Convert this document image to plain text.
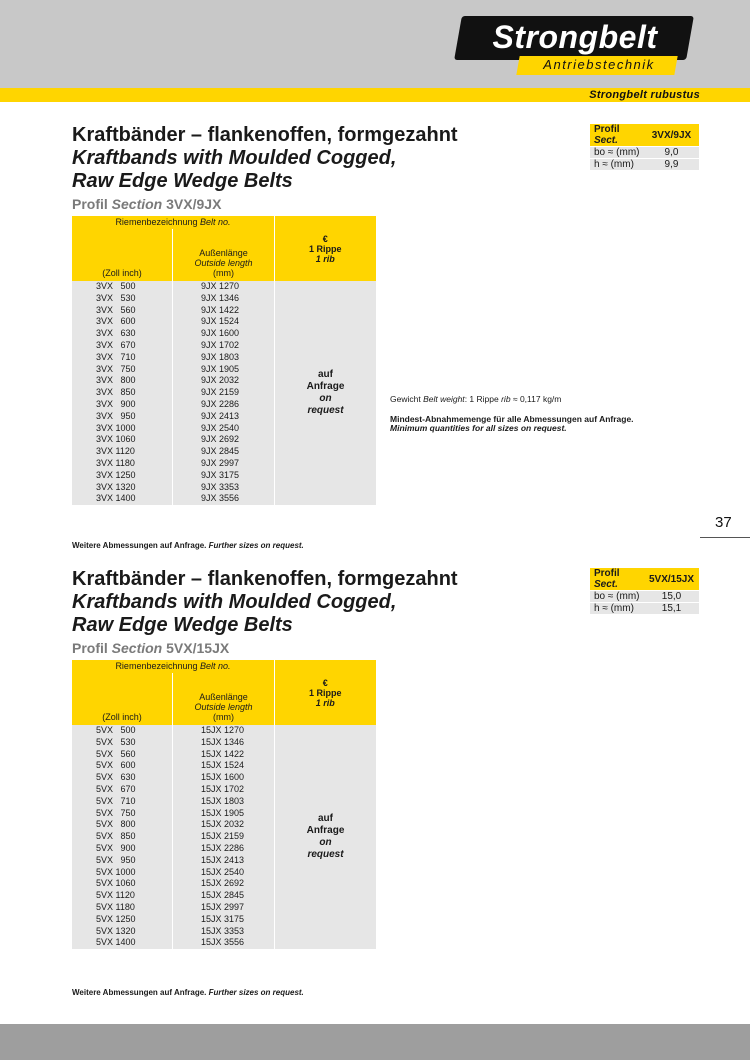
Strongbelt
Antriebstechnik
Strongbelt rubustus
Kraftbänder – flankenoffen, formgezahnt
Kraftbands with Moulded Cogged,
Raw Edge Wedge Belts
Profil Section 3VX/9JX
Profil Sect.	3VX/9JX
bo ≈ (mm)	9,0
h ≈ (mm)	9,9
Riemenbezeichnung Belt no.		€
1 Rippe
1 rib
(Zoll inch)	Außenlänge
Outside length
(mm)	
3VX   500	9JX 1270	auf
Anfrage
on
request
3VX   530	9JX 1346	
3VX   560	9JX 1422	
3VX   600	9JX 1524	
3VX   630	9JX 1600	
3VX   670	9JX 1702	
3VX   710	9JX 1803	
3VX   750	9JX 1905	
3VX   800	9JX 2032	
3VX   850	9JX 2159	
3VX   900	9JX 2286	
3VX   950	9JX 2413	
3VX 1000	9JX 2540	
3VX 1060	9JX 2692	
3VX 1120	9JX 2845	
3VX 1180	9JX 2997	
3VX 1250	9JX 3175	
3VX 1320	9JX 3353	
3VX 1400	9JX 3556	
Gewicht Belt weight: 1 Rippe rib ≈ 0,117 kg/m
Mindest-Abnahmemenge für alle Abmessungen auf Anfrage.
Minimum quantities for all sizes on request.
Weitere Abmessungen auf Anfrage. Further sizes on request.
37
Kraftbänder – flankenoffen, formgezahnt
Kraftbands with Moulded Cogged,
Raw Edge Wedge Belts
Profil Section 5VX/15JX
Profil Sect.	5VX/15JX
bo ≈ (mm)	15,0
h ≈ (mm)	15,1
Riemenbezeichnung Belt no.		€
1 Rippe
1 rib
(Zoll inch)	Außenlänge
Outside length
(mm)	
5VX   500	15JX 1270	auf
Anfrage
on
request
5VX   530	15JX 1346	
5VX   560	15JX 1422	
5VX   600	15JX 1524	
5VX   630	15JX 1600	
5VX   670	15JX 1702	
5VX   710	15JX 1803	
5VX   750	15JX 1905	
5VX   800	15JX 2032	
5VX   850	15JX 2159	
5VX   900	15JX 2286	
5VX   950	15JX 2413	
5VX 1000	15JX 2540	
5VX 1060	15JX 2692	
5VX 1120	15JX 2845	
5VX 1180	15JX 2997	
5VX 1250	15JX 3175	
5VX 1320	15JX 3353	
5VX 1400	15JX 3556	
Weitere Abmessungen auf Anfrage. Further sizes on request.
